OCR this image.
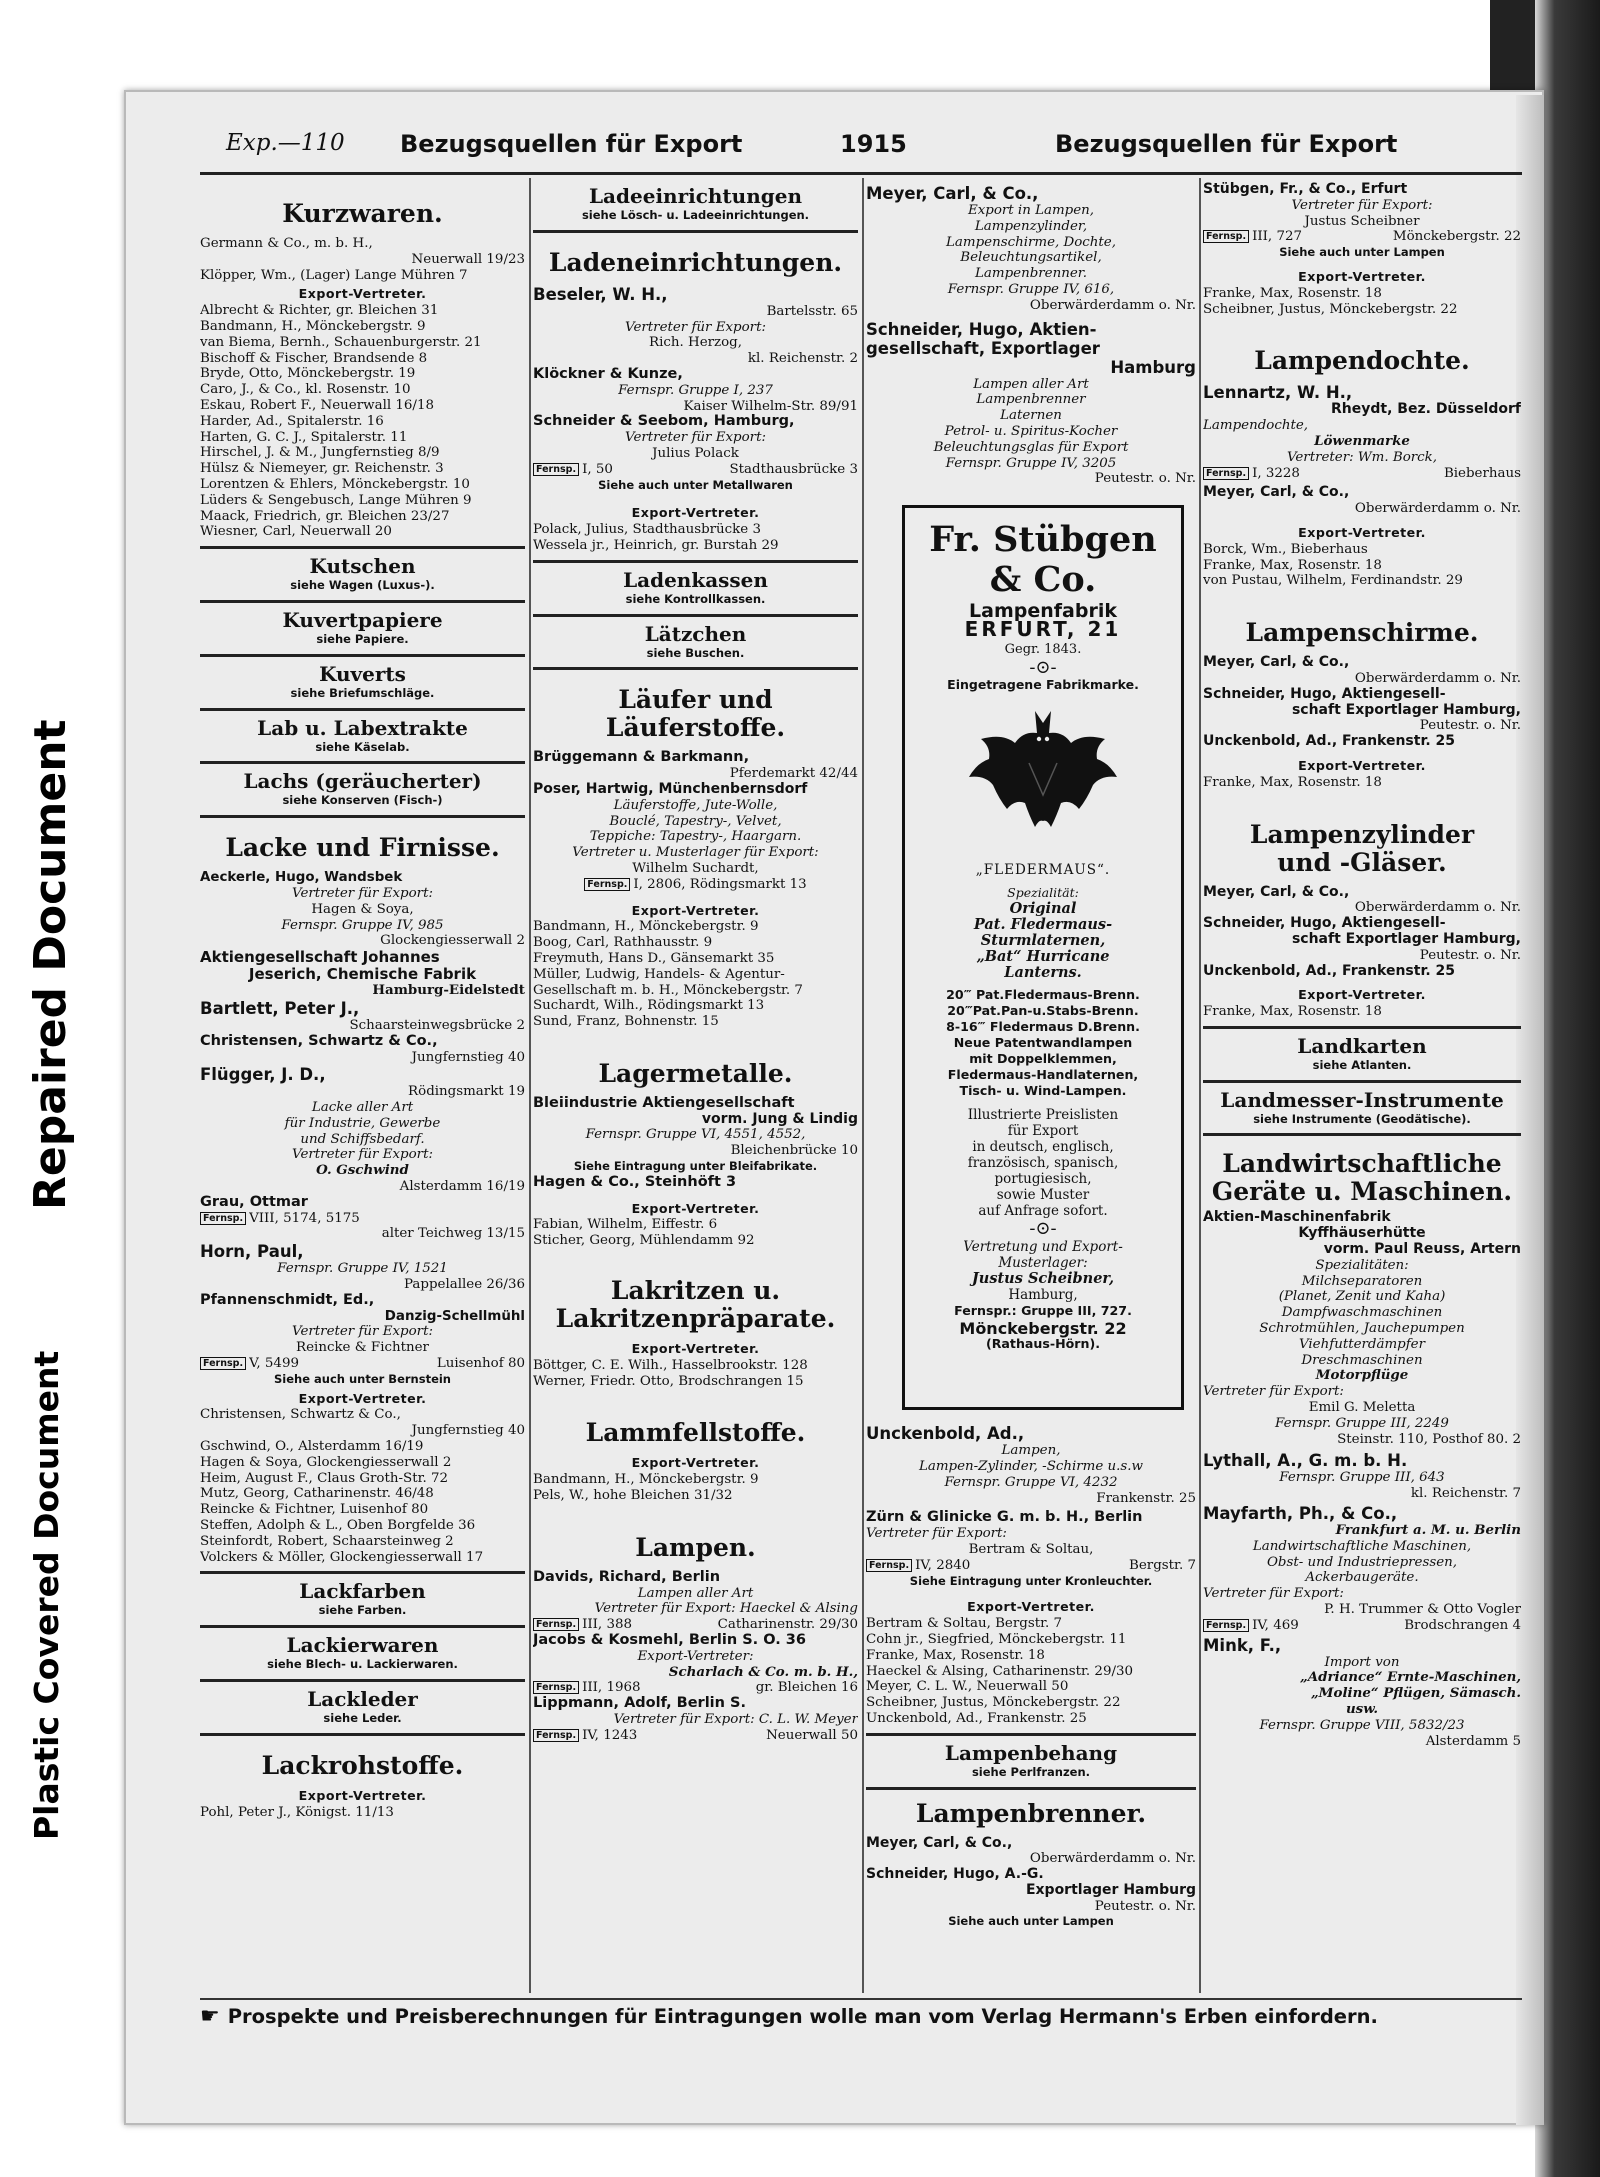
Repaired Document
Plastic Covered Document
Exp.—110 Bezugsquellen für Export	1915	Bezugsquellen für Export
Kurzwaren.
Germann & Co., m. b. H.,
Neuerwall 19/23
Klöpper, Wm., (Lager) Lange Mühren 7
Export-Vertreter.
Albrecht & Richter, gr. Bleichen 31
Bandmann, H., Mönckebergstr. 9
van Biema, Bernh., Schauenburgerstr. 21
Bischoff & Fischer, Brandsende 8
Bryde, Otto, Mönckebergstr. 19
Caro, J., & Co., kl. Rosenstr. 10
Eskau, Robert F., Neuerwall 16/18
Harder, Ad., Spitalerstr. 16
Harten, G. C. J., Spitalerstr. 11
Hirschel, J. & M., Jungfernstieg 8/9
Hülsz & Niemeyer, gr. Reichenstr. 3
Lorentzen & Ehlers, Mönckebergstr. 10
Lüders & Sengebusch, Lange Mühren 9
Maack, Friedrich, gr. Bleichen 23/27
Wiesner, Carl, Neuerwall 20
Kutschen
siehe Wagen (Luxus-).
Kuvertpapiere
siehe Papiere.
Kuverts
siehe Briefumschläge.
Lab u. Labextrakte
siehe Käselab.
Lachs (geräucherter)
siehe Konserven (Fisch-)
Lacke und Firnisse.
Aeckerle, Hugo, Wandsbek
Vertreter für Export:
Hagen & Soya,
Fernspr. Gruppe IV, 985
Glockengiesserwall 2
Aktiengesellschaft Johannes
Jeserich, Chemische Fabrik
Hamburg-Eidelstedt
Bartlett, Peter J.,
Schaarsteinwegsbrücke 2
Christensen, Schwartz & Co.,
Jungfernstieg 40
Flügger, J. D.,
Rödingsmarkt 19
Lacke aller Art
für Industrie, Gewerbe
und Schiffsbedarf.
Vertreter für Export:
O. Gschwind
Alsterdamm 16/19
Grau, Ottmar
Fernsp. VIII, 5174, 5175
alter Teichweg 13/15
Horn, Paul,
Fernspr. Gruppe IV, 1521
Pappelallee 26/36
Pfannenschmidt, Ed.,
Danzig-Schellmühl
Vertreter für Export:
Reincke & Fichtner
Fernsp. V, 5499	Luisenhof 80
Siehe auch unter Bernstein
Export-Vertreter.
Christensen, Schwartz & Co.,
Jungfernstieg 40
Gschwind, O., Alsterdamm 16/19
Hagen & Soya, Glockengiesserwall 2
Heim, August F., Claus Groth-Str. 72
Mutz, Georg, Catharinenstr. 46/48
Reincke & Fichtner, Luisenhof 80
Steffen, Adolph & L., Oben Borgfelde 36
Steinfordt, Robert, Schaarsteinweg 2
Volckers & Möller, Glockengiesserwall 17
Lackfarben
siehe Farben.
Lackierwaren
siehe Blech- u. Lackierwaren.
Lackleder
siehe Leder.
Lackrohstoffe.
Export-Vertreter.
Pohl, Peter J., Königst. 11/13
Ladeeinrichtungen
siehe Lösch- u. Ladeeinrichtungen.
Ladeneinrichtungen.
Beseler, W. H.,
Bartelsstr. 65
Vertreter für Export:
Rich. Herzog,
kl. Reichenstr. 2
Klöckner & Kunze,
Fernspr. Gruppe I, 237
Kaiser Wilhelm-Str. 89/91
Schneider & Seebom, Hamburg,
Vertreter für Export:
Julius Polack
Fernsp. I, 50	Stadthausbrücke 3
Siehe auch unter Metallwaren
Export-Vertreter.
Polack, Julius, Stadthausbrücke 3
Wessela jr., Heinrich, gr. Burstah 29
Ladenkassen
siehe Kontrollkassen.
Lätzchen
siehe Buschen.
Läufer und Läuferstoffe.
Brüggemann & Barkmann,
Pferdemarkt 42/44
Poser, Hartwig, Münchenbernsdorf
Läuferstoffe, Jute-Wolle,
Bouclé, Tapestry-, Velvet,
Teppiche: Tapestry-, Haargarn.
Vertreter u. Musterlager für Export:
Wilhelm Suchardt,
Fernsp. I, 2806, Rödingsmarkt 13
Export-Vertreter.
Bandmann, H., Mönckebergstr. 9
Boog, Carl, Rathhausstr. 9
Freymuth, Hans D., Gänsemarkt 35
Müller, Ludwig, Handels- & Agentur-
Gesellschaft m. b. H., Mönckebergstr. 7
Suchardt, Wilh., Rödingsmarkt 13
Sund, Franz, Bohnenstr. 15
Lagermetalle.
Bleiindustrie Aktiengesellschaft
vorm. Jung & Lindig
Fernspr. Gruppe VI, 4551, 4552,
Bleichenbrücke 10
Siehe Eintragung unter Bleifabrikate.
Hagen & Co., Steinhöft 3
Export-Vertreter.
Fabian, Wilhelm, Eiffestr. 6
Sticher, Georg, Mühlendamm 92
Lakritzen u.
Lakritzenpräparate.
Export-Vertreter.
Böttger, C. E. Wilh., Hasselbrookstr. 128
Werner, Friedr. Otto, Brodschrangen 15
Lammfellstoffe.
Export-Vertreter.
Bandmann, H., Mönckebergstr. 9
Pels, W., hohe Bleichen 31/32
Lampen.
Davids, Richard, Berlin
Lampen aller Art
Vertreter für Export: Haeckel & Alsing
Fernsp. III, 388	Catharinenstr. 29/30
Jacobs & Kosmehl, Berlin S. O. 36
Export-Vertreter:
Scharlach & Co. m. b. H.,
Fernsp. III, 1968	gr. Bleichen 16
Lippmann, Adolf, Berlin S.
Vertreter für Export: C. L. W. Meyer
Fernsp. IV, 1243	Neuerwall 50
Meyer, Carl, & Co.,
Export in Lampen,
Lampenzylinder,
Lampenschirme, Dochte,
Beleuchtungsartikel,
Lampenbrenner.
Fernspr. Gruppe IV, 616,
Oberwärderdamm o. Nr.
Schneider, Hugo, Aktien-
gesellschaft, Exportlager
Hamburg
Lampen aller Art
Lampenbrenner
Laternen
Petrol- u. Spiritus-Kocher
Beleuchtungsglas für Export
Fernspr. Gruppe IV, 3205
Peutestr. o. Nr.
Fr. Stübgen & Co.
Lampenfabrik
ERFURT, 21
Gegr. 1843.
-⊙-
Eingetragene Fabrikmarke.
„FLEDERMAUS“.
Spezialität:
Original
Pat. Fledermaus-
Sturmlaternen,
„Bat“ Hurricane
Lanterns.
20‴ Pat.Fledermaus-Brenn.
20‴Pat.Pan-u.Stabs-Brenn.
8-16‴ Fledermaus D.Brenn.
Neue Patentwandlampen
mit Doppelklemmen,
Fledermaus-Handlaternen,
Tisch- u. Wind-Lampen.
Illustrierte Preislisten
für Export
in deutsch, englisch,
französisch, spanisch,
portugiesisch,
sowie Muster
auf Anfrage sofort.
-⊙-
Vertretung und Export-
Musterlager:
Justus Scheibner,
Hamburg,
Fernspr.: Gruppe III, 727.
Mönckebergstr. 22
(Rathaus-Hörn).
Unckenbold, Ad.,
Lampen,
Lampen-Zylinder, -Schirme u.s.w
Fernspr. Gruppe VI, 4232
Frankenstr. 25
Zürn & Glinicke G. m. b. H., Berlin
Vertreter für Export:
Bertram & Soltau,
Fernsp. IV, 2840	Bergstr. 7
Siehe Eintragung unter Kronleuchter.
Export-Vertreter.
Bertram & Soltau, Bergstr. 7
Cohn jr., Siegfried, Mönckebergstr. 11
Franke, Max, Rosenstr. 18
Haeckel & Alsing, Catharinenstr. 29/30
Meyer, C. L. W., Neuerwall 50
Scheibner, Justus, Mönckebergstr. 22
Unckenbold, Ad., Frankenstr. 25
Lampenbehang
siehe Perlfranzen.
Lampenbrenner.
Meyer, Carl, & Co.,
Oberwärderdamm o. Nr.
Schneider, Hugo, A.-G.
Exportlager Hamburg
Peutestr. o. Nr.
Siehe auch unter Lampen
Stübgen, Fr., & Co., Erfurt
Vertreter für Export:
Justus Scheibner
Fernsp. III, 727	Mönckebergstr. 22
Siehe auch unter Lampen
Export-Vertreter.
Franke, Max, Rosenstr. 18
Scheibner, Justus, Mönckebergstr. 22
Lampendochte.
Lennartz, W. H.,
Rheydt, Bez. Düsseldorf
Lampendochte,
Löwenmarke
Vertreter: Wm. Borck,
Fernsp. I, 3228	Bieberhaus
Meyer, Carl, & Co.,
Oberwärderdamm o. Nr.
Export-Vertreter.
Borck, Wm., Bieberhaus
Franke, Max, Rosenstr. 18
von Pustau, Wilhelm, Ferdinandstr. 29
Lampenschirme.
Meyer, Carl, & Co.,
Oberwärderdamm o. Nr.
Schneider, Hugo, Aktiengesell-
schaft Exportlager Hamburg,
Peutestr. o. Nr.
Unckenbold, Ad., Frankenstr. 25
Export-Vertreter.
Franke, Max, Rosenstr. 18
Lampenzylinder
und -Gläser.
Meyer, Carl, & Co.,
Oberwärderdamm o. Nr.
Schneider, Hugo, Aktiengesell-
schaft Exportlager Hamburg,
Peutestr. o. Nr.
Unckenbold, Ad., Frankenstr. 25
Export-Vertreter.
Franke, Max, Rosenstr. 18
Landkarten
siehe Atlanten.
Landmesser-Instrumente
siehe Instrumente (Geodätische).
Landwirtschaftliche
Geräte u. Maschinen.
Aktien-Maschinenfabrik
Kyffhäuserhütte
vorm. Paul Reuss, Artern
Spezialitäten:
Milchseparatoren
(Planet, Zenit und Kaha)
Dampfwaschmaschinen
Schrotmühlen, Jauchepumpen
Viehfutterdämpfer
Dreschmaschinen
Motorpflüge
Vertreter für Export:
Emil G. Meletta
Fernspr. Gruppe III, 2249
Steinstr. 110, Posthof 80. 2
Lythall, A., G. m. b. H.
Fernspr. Gruppe III, 643
kl. Reichenstr. 7
Mayfarth, Ph., & Co.,
Frankfurt a. M. u. Berlin
Landwirtschaftliche Maschinen,
Obst- und Industriepressen,
Ackerbaugeräte.
Vertreter für Export:
P. H. Trummer & Otto Vogler
Fernsp. IV, 469	Brodschrangen 4
Mink, F.,
Import von
„Adriance“ Ernte-Maschinen,
„Moline“ Pflügen, Sämasch.
usw.
Fernspr. Gruppe VIII, 5832/23
Alsterdamm 5
☛ Prospekte und Preisberechnungen für Eintragungen wolle man vom Verlag Hermann's Erben einfordern.
